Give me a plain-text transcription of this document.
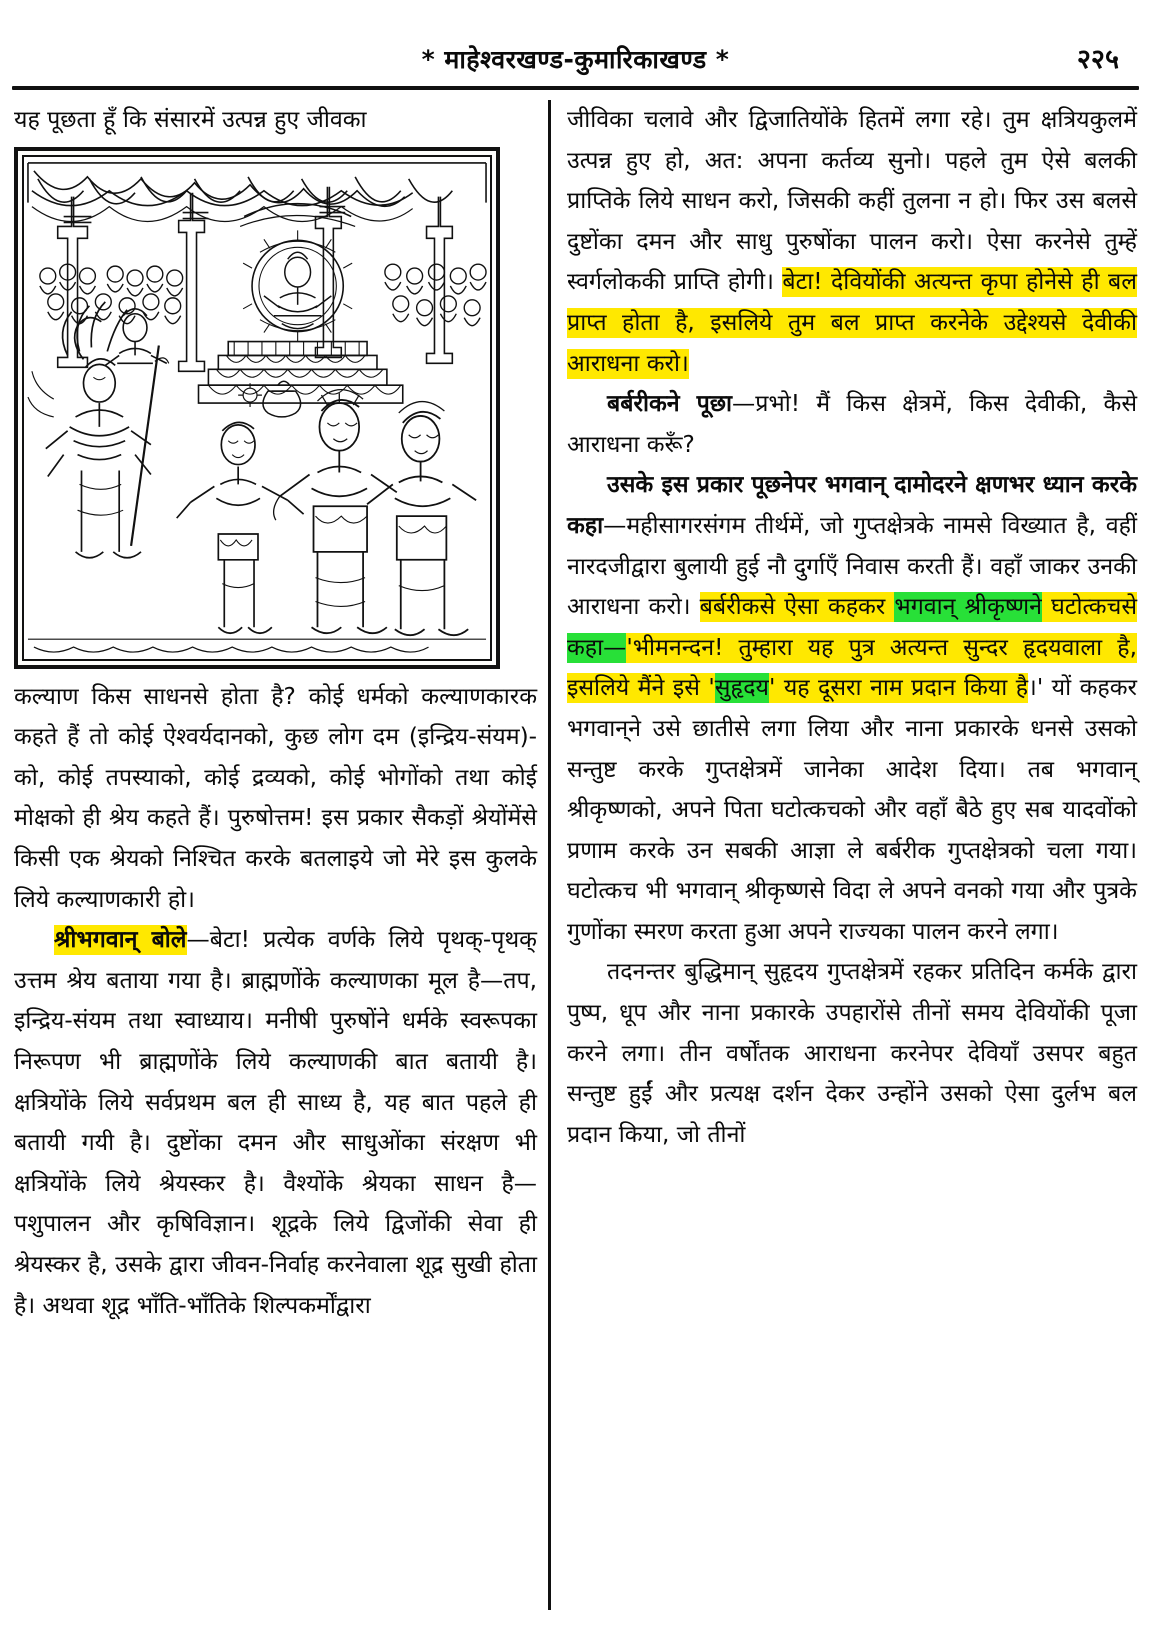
* माहेश्वरखण्ड-कुमारिकाखण्ड *	२२५

यह पूछता हूँ कि संसारमें उत्पन्न हुए जीवका

कल्याण किस साधनसे होता है? कोई धर्मको कल्याणकारक कहते हैं तो कोई ऐश्वर्यदानको, कुछ लोग दम (इन्द्रिय-संयम)-को, कोई तपस्याको, कोई द्रव्यको, कोई भोगोंको तथा कोई मोक्षको ही श्रेय कहते हैं। पुरुषोत्तम! इस प्रकार सैकड़ों श्रेयोंमेंसे किसी एक श्रेयको निश्चित करके बतलाइये जो मेरे इस कुलके लिये कल्याणकारी हो।

श्रीभगवान् बोले—बेटा! प्रत्येक वर्णके लिये पृथक्‌-पृथक्‌ उत्तम श्रेय बताया गया है। ब्राह्मणोंके कल्याणका मूल है—तप, इन्द्रिय-संयम तथा स्वाध्याय। मनीषी पुरुषोंने धर्मके स्वरूपका निरूपण भी ब्राह्मणोंके लिये कल्याणकी बात बतायी है। क्षत्रियोंके लिये सर्वप्रथम बल ही साध्य है, यह बात पहले ही बतायी गयी है। दुष्टोंका दमन और साधुओंका संरक्षण भी क्षत्रियोंके लिये श्रेयस्कर है। वैश्योंके श्रेयका साधन है— पशुपालन और कृषिविज्ञान। शूद्रके लिये द्विजोंकी सेवा ही श्रेयस्कर है, उसके द्वारा जीवन-निर्वाह करनेवाला शूद्र सुखी होता है। अथवा शूद्र भाँति-भाँतिके शिल्पकर्मोंद्वारा

जीविका चलावे और द्विजातियोंके हितमें लगा रहे। तुम क्षत्रियकुलमें उत्पन्न हुए हो, अत: अपना कर्तव्य सुनो। पहले तुम ऐसे बलकी प्राप्तिके लिये साधन करो, जिसकी कहीं तुलना न हो। फिर उस बलसे दुष्टोंका दमन और साधु पुरुषोंका पालन करो। ऐसा करनेसे तुम्हें स्वर्गलोककी प्राप्ति होगी। बेटा! देवियोंकी अत्यन्त कृपा होनेसे ही बल प्राप्त होता है, इसलिये तुम बल प्राप्त करनेके उद्देश्यसे देवीकी आराधना करो।

बर्बरीकने पूछा—प्रभो! मैं किस क्षेत्रमें, किस देवीकी, कैसे आराधना करूँ?

उसके इस प्रकार पूछनेपर भगवान् दामोदरने क्षणभर ध्यान करके कहा—महीसागरसंगम तीर्थमें, जो गुप्तक्षेत्रके नामसे विख्यात है, वहीं नारदजीद्वारा बुलायी हुई नौ दुर्गाएँ निवास करती हैं। वहाँ जाकर उनकी आराधना करो। बर्बरीकसे ऐसा कहकर भगवान् श्रीकृष्णने घटोत्कचसे कहा—'भीमनन्दन! तुम्हारा यह पुत्र अत्यन्त सुन्दर हृदयवाला है, इसलिये मैंने इसे 'सुहृदय' यह दूसरा नाम प्रदान किया है।' यों कहकर भगवान्‌ने उसे छातीसे लगा लिया और नाना प्रकारके धनसे उसको सन्तुष्ट करके गुप्तक्षेत्रमें जानेका आदेश दिया। तब भगवान् श्रीकृष्णको, अपने पिता घटोत्कचको और वहाँ बैठे हुए सब यादवोंको प्रणाम करके उन सबकी आज्ञा ले बर्बरीक गुप्तक्षेत्रको चला गया। घटोत्कच भी भगवान् श्रीकृष्णसे विदा ले अपने वनको गया और पुत्रके गुणोंका स्मरण करता हुआ अपने राज्यका पालन करने लगा।

तदनन्तर बुद्धिमान् सुहृदय गुप्तक्षेत्रमें रहकर प्रतिदिन कर्मके द्वारा पुष्प, धूप और नाना प्रकारके उपहारोंसे तीनों समय देवियोंकी पूजा करने लगा। तीन वर्षोंतक आराधना करनेपर देवियाँ उसपर बहुत सन्तुष्ट हुईं और प्रत्यक्ष दर्शन देकर उन्होंने उसको ऐसा दुर्लभ बल प्रदान किया, जो तीनों
